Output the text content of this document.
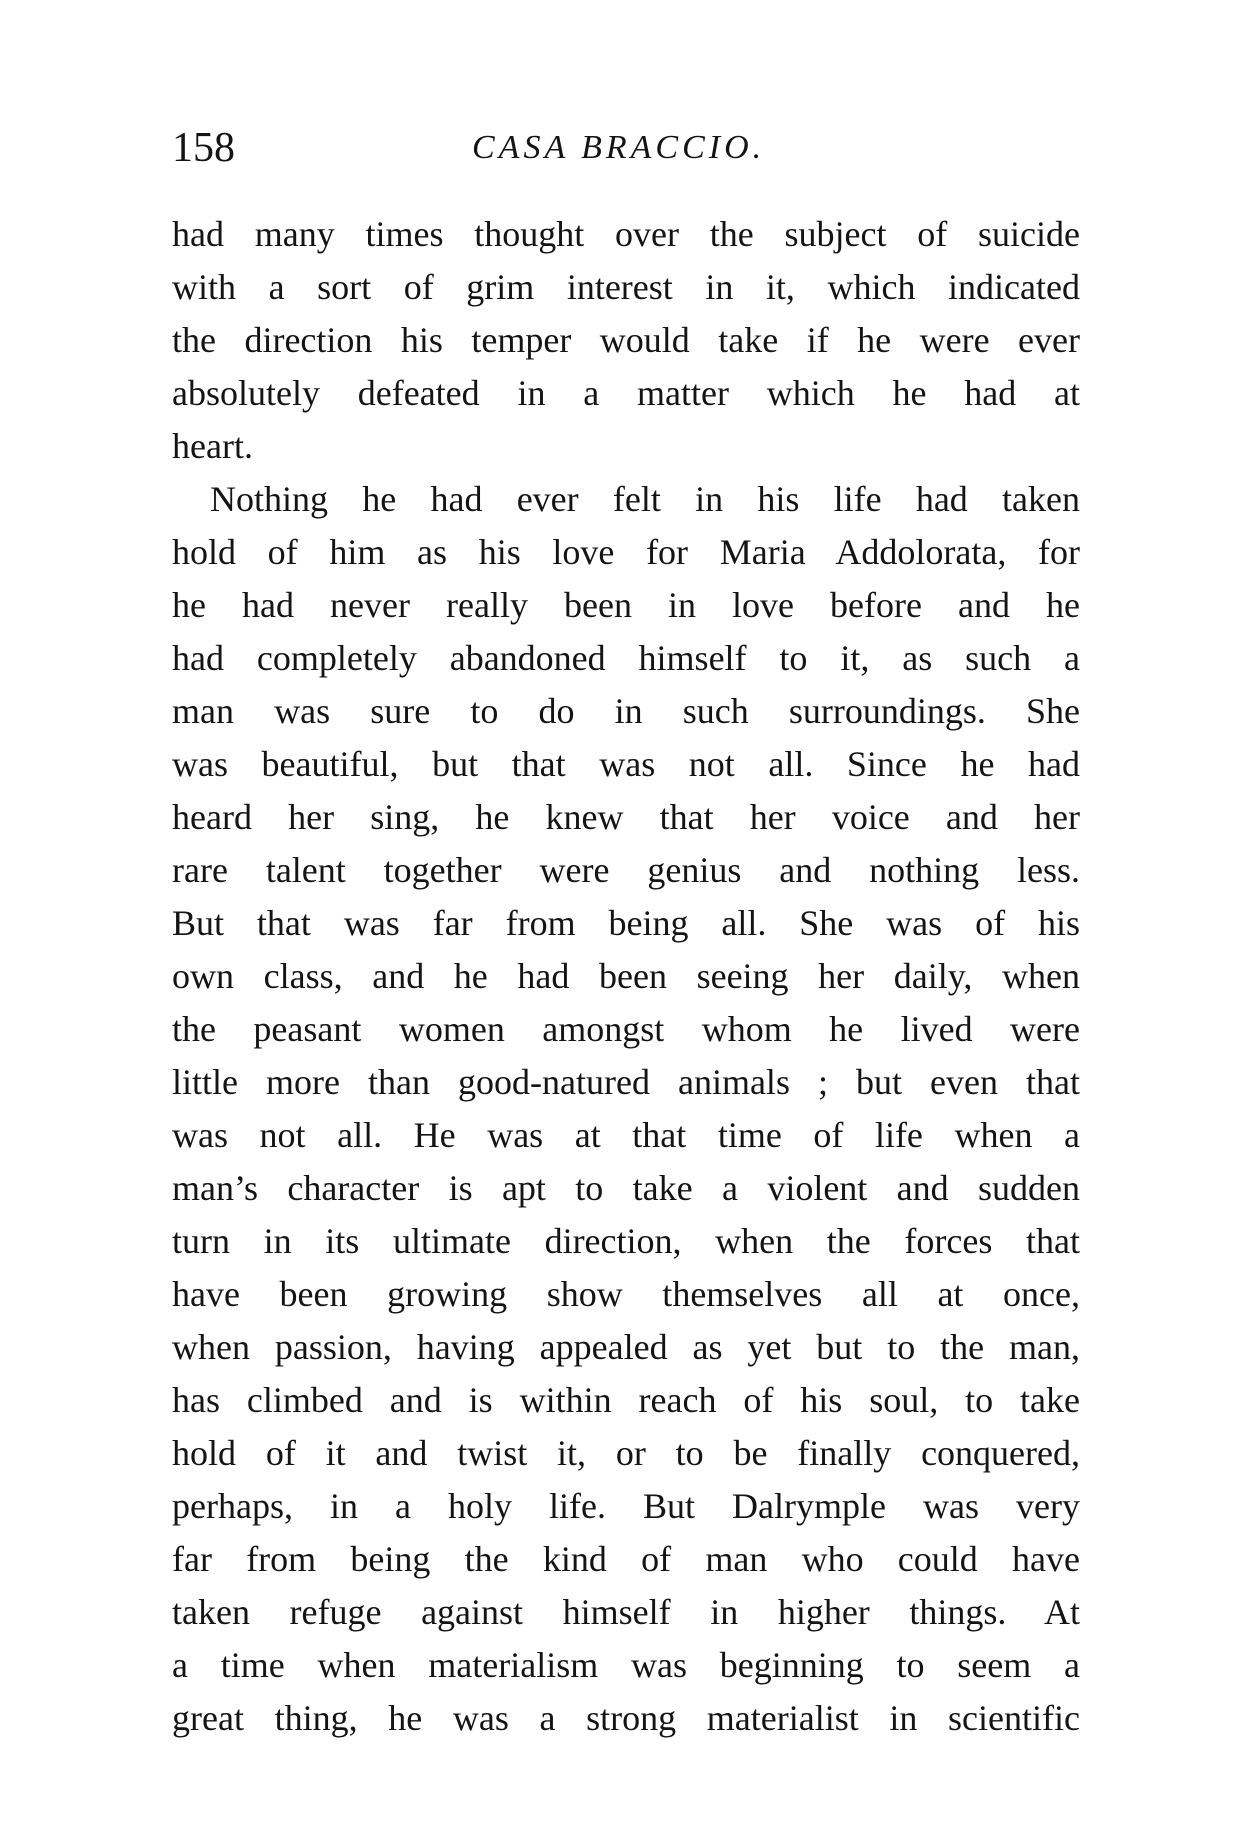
158	CASA BRACCIO.
had many times thought over the subject of suicide
with a sort of grim interest in it, which indicated
the direction his temper would take if he were ever
absolutely defeated in a matter which he had at
heart.
Nothing he had ever felt in his life had taken
hold of him as his love for Maria Addolorata, for
he had never really been in love before and he
had completely abandoned himself to it, as such a
man was sure to do in such surroundings. She
was beautiful, but that was not all. Since he had
heard her sing, he knew that her voice and her
rare talent together were genius and nothing less.
But that was far from being all. She was of his
own class, and he had been seeing her daily, when
the peasant women amongst whom he lived were
little more than good-natured animals ; but even that
was not all. He was at that time of life when a
man’s character is apt to take a violent and sudden
turn in its ultimate direction, when the forces that
have been growing show themselves all at once,
when passion, having appealed as yet but to the man,
has climbed and is within reach of his soul, to take
hold of it and twist it, or to be finally conquered,
perhaps, in a holy life. But Dalrymple was very
far from being the kind of man who could have
taken refuge against himself in higher things. At
a time when materialism was beginning to seem a
great thing, he was a strong materialist in scientific
